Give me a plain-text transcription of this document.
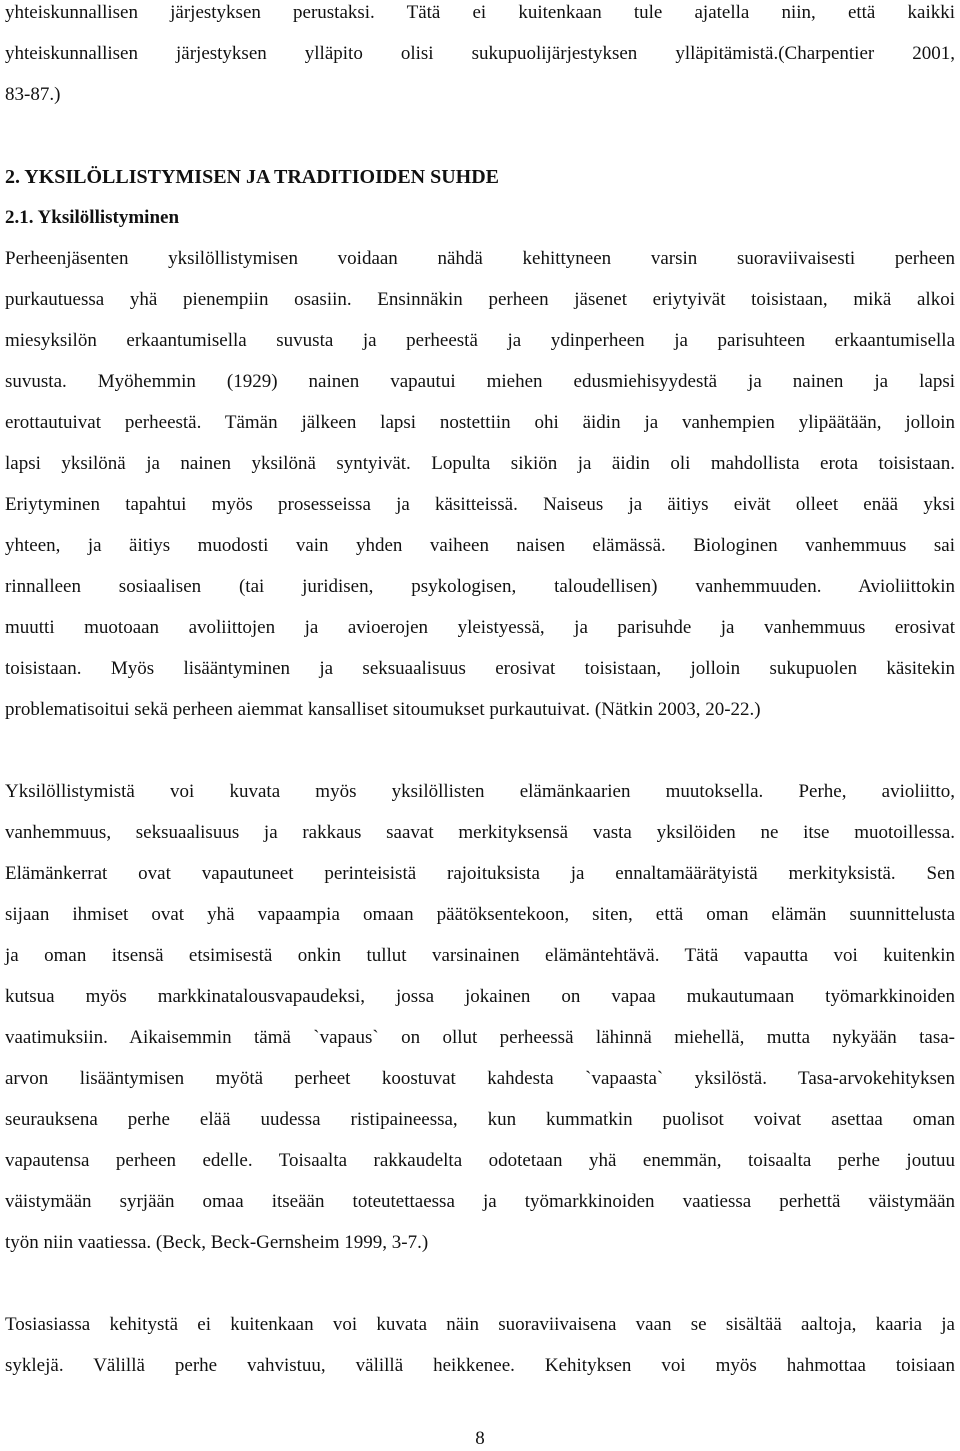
yhteiskunnallisen järjestyksen perustaksi. Tätä ei kuitenkaan tule ajatella niin, että kaikki
yhteiskunnallisen järjestyksen ylläpito olisi sukupuolijärjestyksen ylläpitämistä.(Charpentier 2001,
83-87.)
2. YKSILÖLLISTYMISEN JA TRADITIOIDEN SUHDE
2.1. Yksilöllistyminen
Perheenjäsenten yksilöllistymisen voidaan nähdä kehittyneen varsin suoraviivaisesti perheen
purkautuessa yhä pienempiin osasiin. Ensinnäkin perheen jäsenet eriytyivät toisistaan, mikä alkoi
miesyksilön erkaantumisella suvusta ja perheestä ja ydinperheen ja parisuhteen erkaantumisella
suvusta. Myöhemmin (1929) nainen vapautui miehen edusmiehisyydestä ja nainen ja lapsi
erottautuivat perheestä. Tämän jälkeen lapsi nostettiin ohi äidin ja vanhempien ylipäätään, jolloin
lapsi yksilönä ja nainen yksilönä syntyivät. Lopulta sikiön ja äidin oli mahdollista erota toisistaan.
Eriytyminen tapahtui myös prosesseissa ja käsitteissä. Naiseus ja äitiys eivät olleet enää yksi
yhteen, ja äitiys muodosti vain yhden vaiheen naisen elämässä. Biologinen vanhemmuus sai
rinnalleen sosiaalisen (tai juridisen, psykologisen, taloudellisen) vanhemmuuden. Avioliittokin
muutti muotoaan avoliittojen ja avioerojen yleistyessä, ja parisuhde ja vanhemmuus erosivat
toisistaan. Myös lisääntyminen ja seksuaalisuus erosivat toisistaan, jolloin sukupuolen käsitekin
problematisoitui sekä perheen aiemmat kansalliset sitoumukset purkautuivat. (Nätkin 2003, 20-22.)
Yksilöllistymistä voi kuvata myös yksilöllisten elämänkaarien muutoksella. Perhe, avioliitto,
vanhemmuus, seksuaalisuus ja rakkaus saavat merkityksensä vasta yksilöiden ne itse muotoillessa.
Elämänkerrat ovat vapautuneet perinteisistä rajoituksista ja ennaltamäärätyistä merkityksistä. Sen
sijaan ihmiset ovat yhä vapaampia omaan päätöksentekoon, siten, että oman elämän suunnittelusta
ja oman itsensä etsimisestä onkin tullut varsinainen elämäntehtävä. Tätä vapautta voi kuitenkin
kutsua myös markkinatalousvapaudeksi, jossa jokainen on vapaa mukautumaan työmarkkinoiden
vaatimuksiin. Aikaisemmin tämä `vapaus` on ollut perheessä lähinnä miehellä, mutta nykyään tasa-
arvon lisääntymisen myötä perheet koostuvat kahdesta `vapaasta` yksilöstä. Tasa-arvokehityksen
seurauksena perhe elää uudessa ristipaineessa, kun kummatkin puolisot voivat asettaa oman
vapautensa perheen edelle. Toisaalta rakkaudelta odotetaan yhä enemmän, toisaalta perhe joutuu
väistymään syrjään omaa itseään toteutettaessa ja työmarkkinoiden vaatiessa perhettä väistymään
työn niin vaatiessa. (Beck, Beck-Gernsheim 1999, 3-7.)
Tosiasiassa kehitystä ei kuitenkaan voi kuvata näin suoraviivaisena vaan se sisältää aaltoja, kaaria ja
syklejä. Välillä perhe vahvistuu, välillä heikkenee. Kehityksen voi myös hahmottaa toisiaan
8
